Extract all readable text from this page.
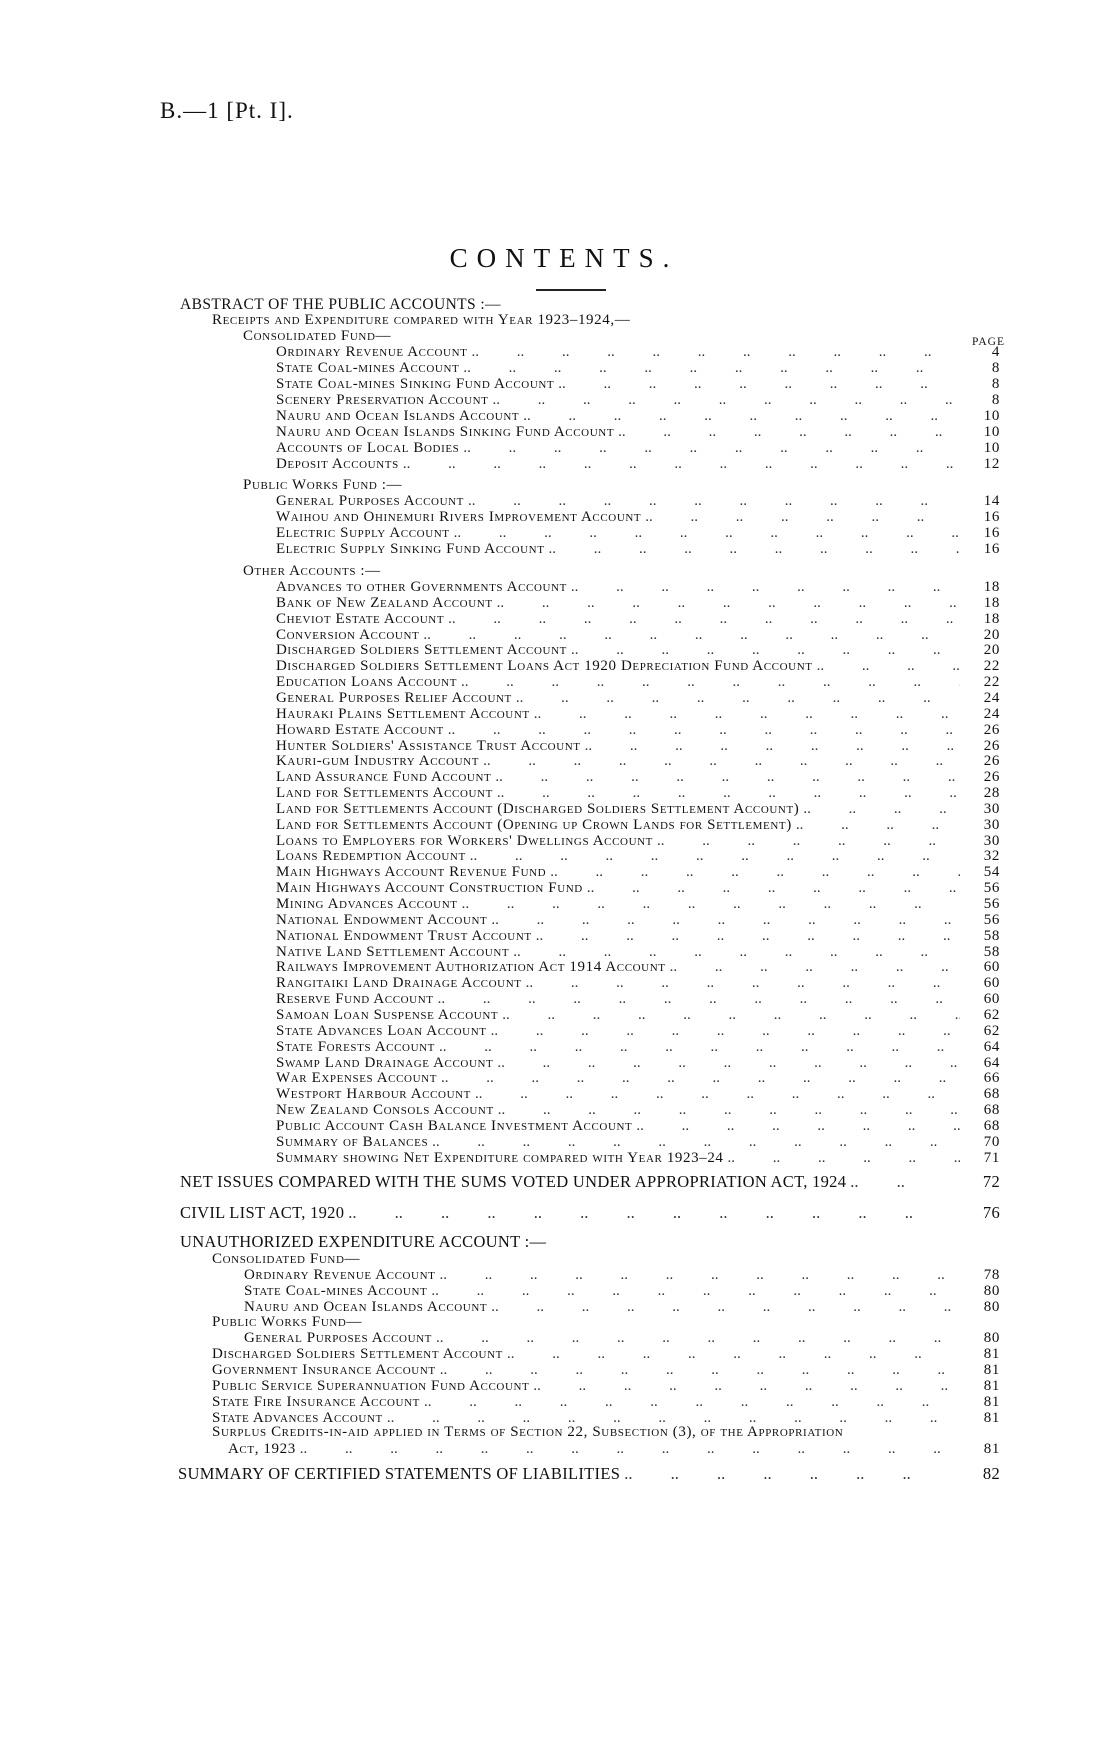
B.—1 [Pt. I].
CONTENTS.
ABSTRACT OF THE PUBLIC ACCOUNTS :—
Receipts and Expenditure compared with Year 1923–1924,—
Consolidated Fund—	PAGE
Ordinary Revenue Account .. ..	4
State Coal-mines Account .. ..	8
State Coal-mines Sinking Fund Account .. ..	8
Scenery Preservation Account .. ..	8
Nauru and Ocean Islands Account .. ..	10
Nauru and Ocean Islands Sinking Fund Account .. ..	10
Accounts of Local Bodies .. ..	10
Deposit Accounts .. ..	12
Public Works Fund :—
General Purposes Account .. ..	14
Waihou and Ohinemuri Rivers Improvement Account .. ..	16
Electric Supply Account .. ..	16
Electric Supply Sinking Fund Account .. ..	16
Other Accounts :—
Advances to other Governments Account .. ..	18
Bank of New Zealand Account .. ..	18
Cheviot Estate Account .. ..	18
Conversion Account .. ..	20
Discharged Soldiers Settlement Account .. ..	20
Discharged Soldiers Settlement Loans Act 1920 Depreciation Fund Account .. ..	22
Education Loans Account .. ..	22
General Purposes Relief Account .. ..	24
Hauraki Plains Settlement Account .. ..	24
Howard Estate Account .. ..	26
Hunter Soldiers' Assistance Trust Account .. ..	26
Kauri-gum Industry Account .. ..	26
Land Assurance Fund Account .. ..	26
Land for Settlements Account .. ..	28
Land for Settlements Account (Discharged Soldiers Settlement Account) .. ..	30
Land for Settlements Account (Opening up Crown Lands for Settlement) .. ..	30
Loans to Employers for Workers' Dwellings Account .. ..	30
Loans Redemption Account .. ..	32
Main Highways Account Revenue Fund .. ..	54
Main Highways Account Construction Fund .. ..	56
Mining Advances Account .. ..	56
National Endowment Account .. ..	56
National Endowment Trust Account .. ..	58
Native Land Settlement Account .. ..	58
Railways Improvement Authorization Act 1914 Account .. ..	60
Rangitaiki Land Drainage Account .. ..	60
Reserve Fund Account .. ..	60
Samoan Loan Suspense Account .. ..	62
State Advances Loan Account .. ..	62
State Forests Account .. ..	64
Swamp Land Drainage Account .. ..	64
War Expenses Account .. ..	66
Westport Harbour Account .. ..	68
New Zealand Consols Account .. ..	68
Public Account Cash Balance Investment Account .. ..	68
Summary of Balances .. ..	70
Summary showing Net Expenditure compared with Year 1923–24 .. ..	71
NET ISSUES COMPARED WITH THE SUMS VOTED UNDER APPROPRIATION ACT, 1924 .. ..	72
CIVIL LIST ACT, 1920 .. ..	76
UNAUTHORIZED EXPENDITURE ACCOUNT :—
Consolidated Fund—
Ordinary Revenue Account .. ..	78
State Coal-mines Account .. ..	80
Nauru and Ocean Islands Account .. ..	80
Public Works Fund—
General Purposes Account .. ..	80
Discharged Soldiers Settlement Account .. ..	81
Government Insurance Account .. ..	81
Public Service Superannuation Fund Account .. ..	81
State Fire Insurance Account .. ..	81
State Advances Account .. ..	81
Surplus Credits-in-aid applied in Terms of Section 22, Subsection (3), of the Appropriation
Act, 1923 .. ..	81
SUMMARY OF CERTIFIED STATEMENTS OF LIABILITIES .. ..	82
